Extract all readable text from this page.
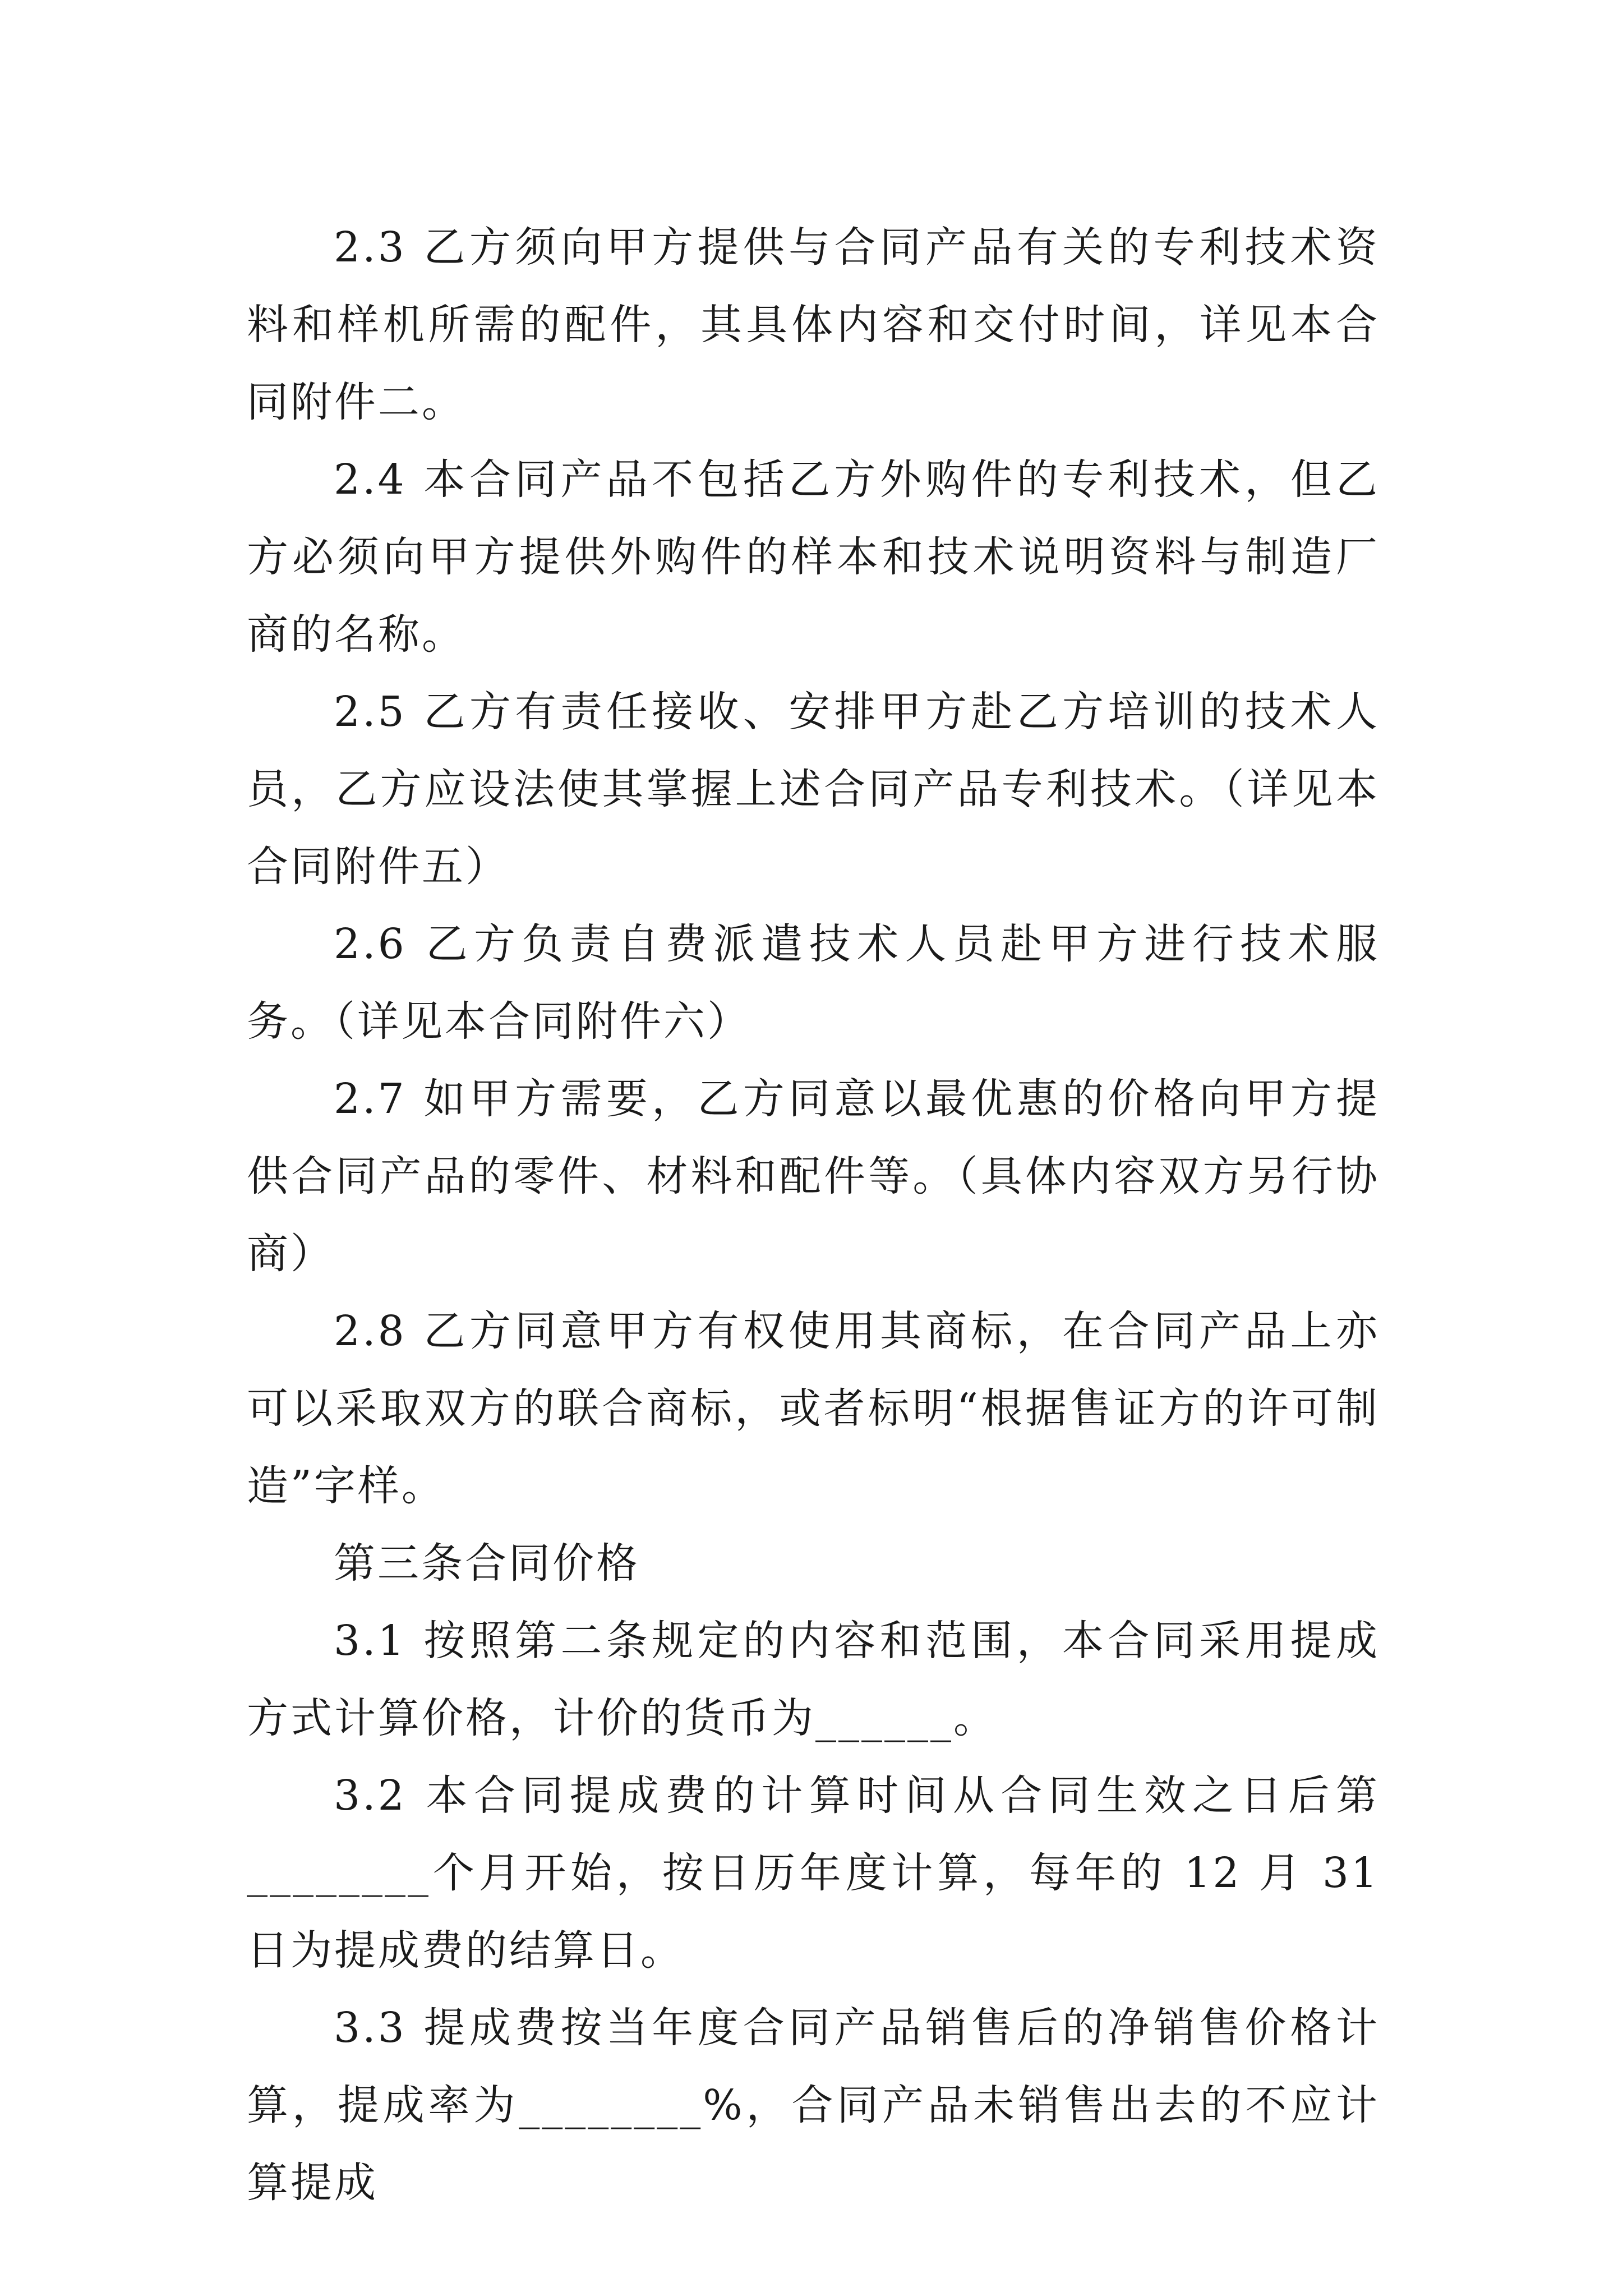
2.3 乙方须向甲方提供与合同产品有关的专利技术资料和样机所需的配件，其具体内容和交付时间，详见本合同附件二。

2.4 本合同产品不包括乙方外购件的专利技术，但乙方必须向甲方提供外购件的样本和技术说明资料与制造厂商的名称。

2.5 乙方有责任接收、安排甲方赴乙方培训的技术人员，乙方应设法使其掌握上述合同产品专利技术。（详见本合同附件五）

2.6 乙方负责自费派遣技术人员赴甲方进行技术服务。（详见本合同附件六）

2.7 如甲方需要，乙方同意以最优惠的价格向甲方提供合同产品的零件、材料和配件等。（具体内容双方另行协商）

2.8 乙方同意甲方有权使用其商标，在合同产品上亦可以采取双方的联合商标，或者标明“根据售证方的许可制造”字样。

第三条合同价格

3.1 按照第二条规定的内容和范围，本合同采用提成方式计算价格，计价的货币为______。

3.2 本合同提成费的计算时间从合同生效之日后第________个月开始，按日历年度计算，每年的 12 月 31 日为提成费的结算日。

3.3 提成费按当年度合同产品销售后的净销售价格计算，提成率为________%，合同产品未销售出去的不应计算提成
